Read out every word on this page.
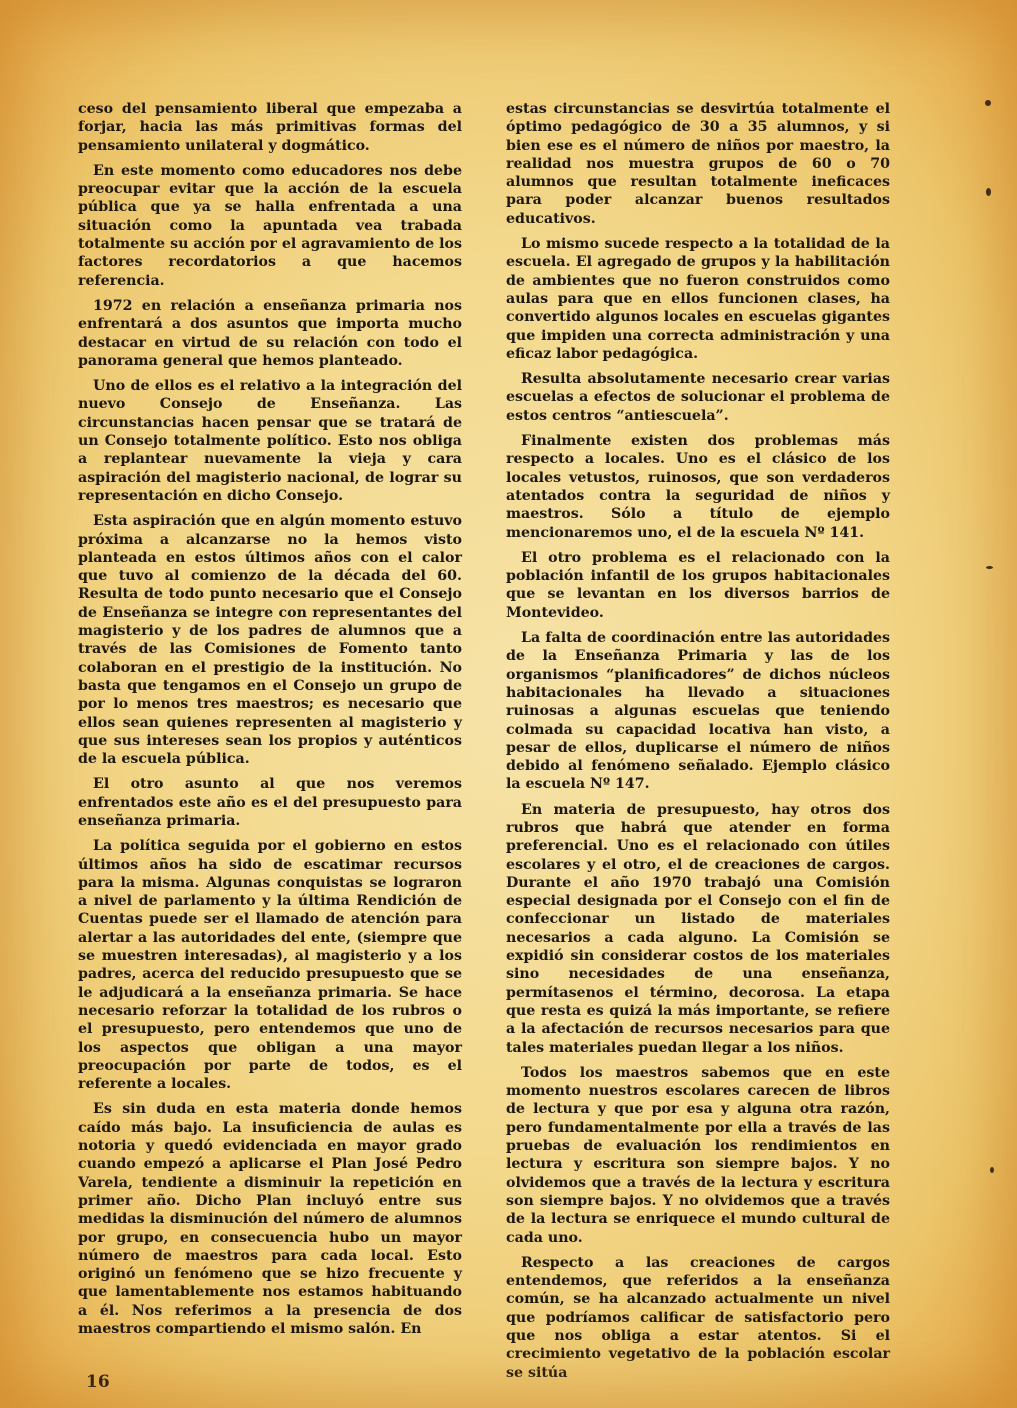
ceso del pensamiento liberal que empezaba a forjar, hacia las más primitivas formas del pensamiento unilateral y dogmático.

En este momento como educadores nos debe preocupar evitar que la acción de la escuela pública que ya se halla enfrentada a una situación como la apuntada vea trabada totalmente su acción por el agravamiento de los factores recordatorios a que hacemos referencia.

1972 en relación a enseñanza primaria nos enfrentará a dos asuntos que importa mucho destacar en virtud de su relación con todo el panorama general que hemos planteado.

Uno de ellos es el relativo a la integración del nuevo Consejo de Enseñanza. Las circunstancias hacen pensar que se tratará de un Consejo totalmente político. Esto nos obliga a replantear nuevamente la vieja y cara aspiración del magisterio nacional, de lograr su representación en dicho Consejo.

Esta aspiración que en algún momento estuvo próxima a alcanzarse no la hemos visto planteada en estos últimos años con el calor que tuvo al comienzo de la década del 60. Resulta de todo punto necesario que el Consejo de Enseñanza se integre con representantes del magisterio y de los padres de alumnos que a través de las Comisiones de Fomento tanto colaboran en el prestigio de la institución. No basta que tengamos en el Consejo un grupo de por lo menos tres maestros; es necesario que ellos sean quienes representen al magisterio y que sus intereses sean los propios y auténticos de la escuela pública.

El otro asunto al que nos veremos enfrentados este año es el del presupuesto para enseñanza primaria.

La política seguida por el gobierno en estos últimos años ha sido de escatimar recursos para la misma. Algunas conquistas se lograron a nivel de parlamento y la última Rendición de Cuentas puede ser el llamado de atención para alertar a las autoridades del ente, (siempre que se muestren interesadas), al magisterio y a los padres, acerca del reducido presupuesto que se le adjudicará a la enseñanza primaria. Se hace necesario reforzar la totalidad de los rubros o el presupuesto, pero entendemos que uno de los aspectos que obligan a una mayor preocupación por parte de todos, es el referente a locales.

Es sin duda en esta materia donde hemos caído más bajo. La insuficiencia de aulas es notoria y quedó evidenciada en mayor grado cuando empezó a aplicarse el Plan José Pedro Varela, tendiente a disminuir la repetición en primer año. Dicho Plan incluyó entre sus medidas la disminución del número de alumnos por grupo, en consecuencia hubo un mayor número de maestros para cada local. Esto originó un fenómeno que se hizo frecuente y que lamentablemente nos estamos habituando a él. Nos referimos a la presencia de dos maestros compartiendo el mismo salón. En

estas circunstancias se desvirtúa totalmente el óptimo pedagógico de 30 a 35 alumnos, y si bien ese es el número de niños por maestro, la realidad nos muestra grupos de 60 o 70 alumnos que resultan totalmente ineficaces para poder alcanzar buenos resultados educativos.

Lo mismo sucede respecto a la totalidad de la escuela. El agregado de grupos y la habilitación de ambientes que no fueron construidos como aulas para que en ellos funcionen clases, ha convertido algunos locales en escuelas gigantes que impiden una correcta administración y una eficaz labor pedagógica.

Resulta absolutamente necesario crear varias escuelas a efectos de solucionar el problema de estos centros “antiescuela”.

Finalmente existen dos problemas más respecto a locales. Uno es el clásico de los locales vetustos, ruinosos, que son verdaderos atentados contra la seguridad de niños y maestros. Sólo a título de ejemplo mencionaremos uno, el de la escuela Nº 141.

El otro problema es el relacionado con la población infantil de los grupos habitacionales que se levantan en los diversos barrios de Montevideo.

La falta de coordinación entre las autoridades de la Enseñanza Primaria y las de los organismos “planificadores” de dichos núcleos habitacionales ha llevado a situaciones ruinosas a algunas escuelas que teniendo colmada su capacidad locativa han visto, a pesar de ellos, duplicarse el número de niños debido al fenómeno señalado. Ejemplo clásico la escuela Nº 147.

En materia de presupuesto, hay otros dos rubros que habrá que atender en forma preferencial. Uno es el relacionado con útiles escolares y el otro, el de creaciones de cargos. Durante el año 1970 trabajó una Comisión especial designada por el Consejo con el fin de confeccionar un listado de materiales necesarios a cada alguno. La Comisión se expidió sin considerar costos de los materiales sino necesidades de una enseñanza, permítasenos el término, decorosa. La etapa que resta es quizá la más importante, se refiere a la afectación de recursos necesarios para que tales materiales puedan llegar a los niños.

Todos los maestros sabemos que en este momento nuestros escolares carecen de libros de lectura y que por esa y alguna otra razón, pero fundamentalmente por ella a través de las pruebas de evaluación los rendimientos en lectura y escritura son siempre bajos. Y no olvidemos que a través de la lectura y escritura son siempre bajos. Y no olvidemos que a través de la lectura se enriquece el mundo cultural de cada uno.

Respecto a las creaciones de cargos entendemos, que referidos a la enseñanza común, se ha alcanzado actualmente un nivel que podríamos calificar de satisfactorio pero que nos obliga a estar atentos. Si el crecimiento vegetativo de la población escolar se sitúa

16
